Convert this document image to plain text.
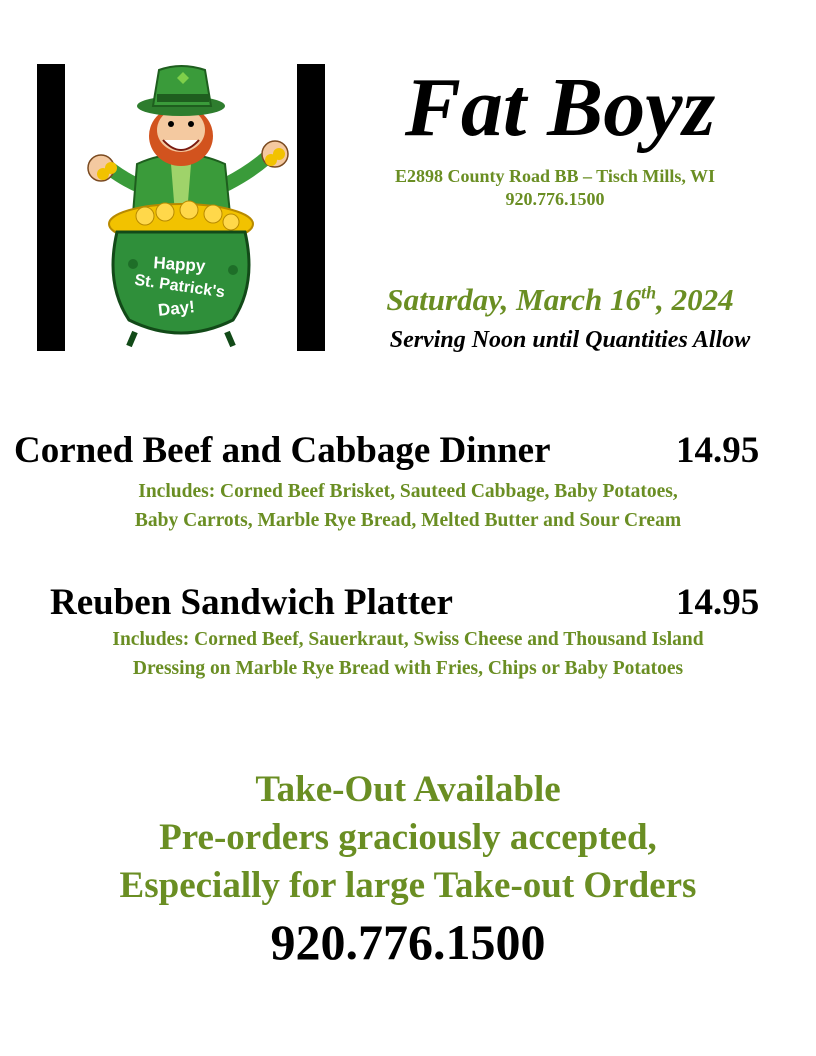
Happy
St. Patrick's
Day!
Fat Boyz
E2898 County Road BB – Tisch Mills, WI
920.776.1500
Saturday, March 16th, 2024
Serving Noon until Quantities Allow
Corned Beef and Cabbage Dinner	14.95
Includes: Corned Beef Brisket, Sauteed Cabbage, Baby Potatoes,
Baby Carrots, Marble Rye Bread, Melted Butter and Sour Cream
Reuben Sandwich Platter	14.95
Includes: Corned Beef, Sauerkraut, Swiss Cheese and Thousand Island
Dressing on Marble Rye Bread with Fries, Chips or Baby Potatoes
Take-Out Available
Pre-orders graciously accepted,
Especially for large Take-out Orders
920.776.1500
